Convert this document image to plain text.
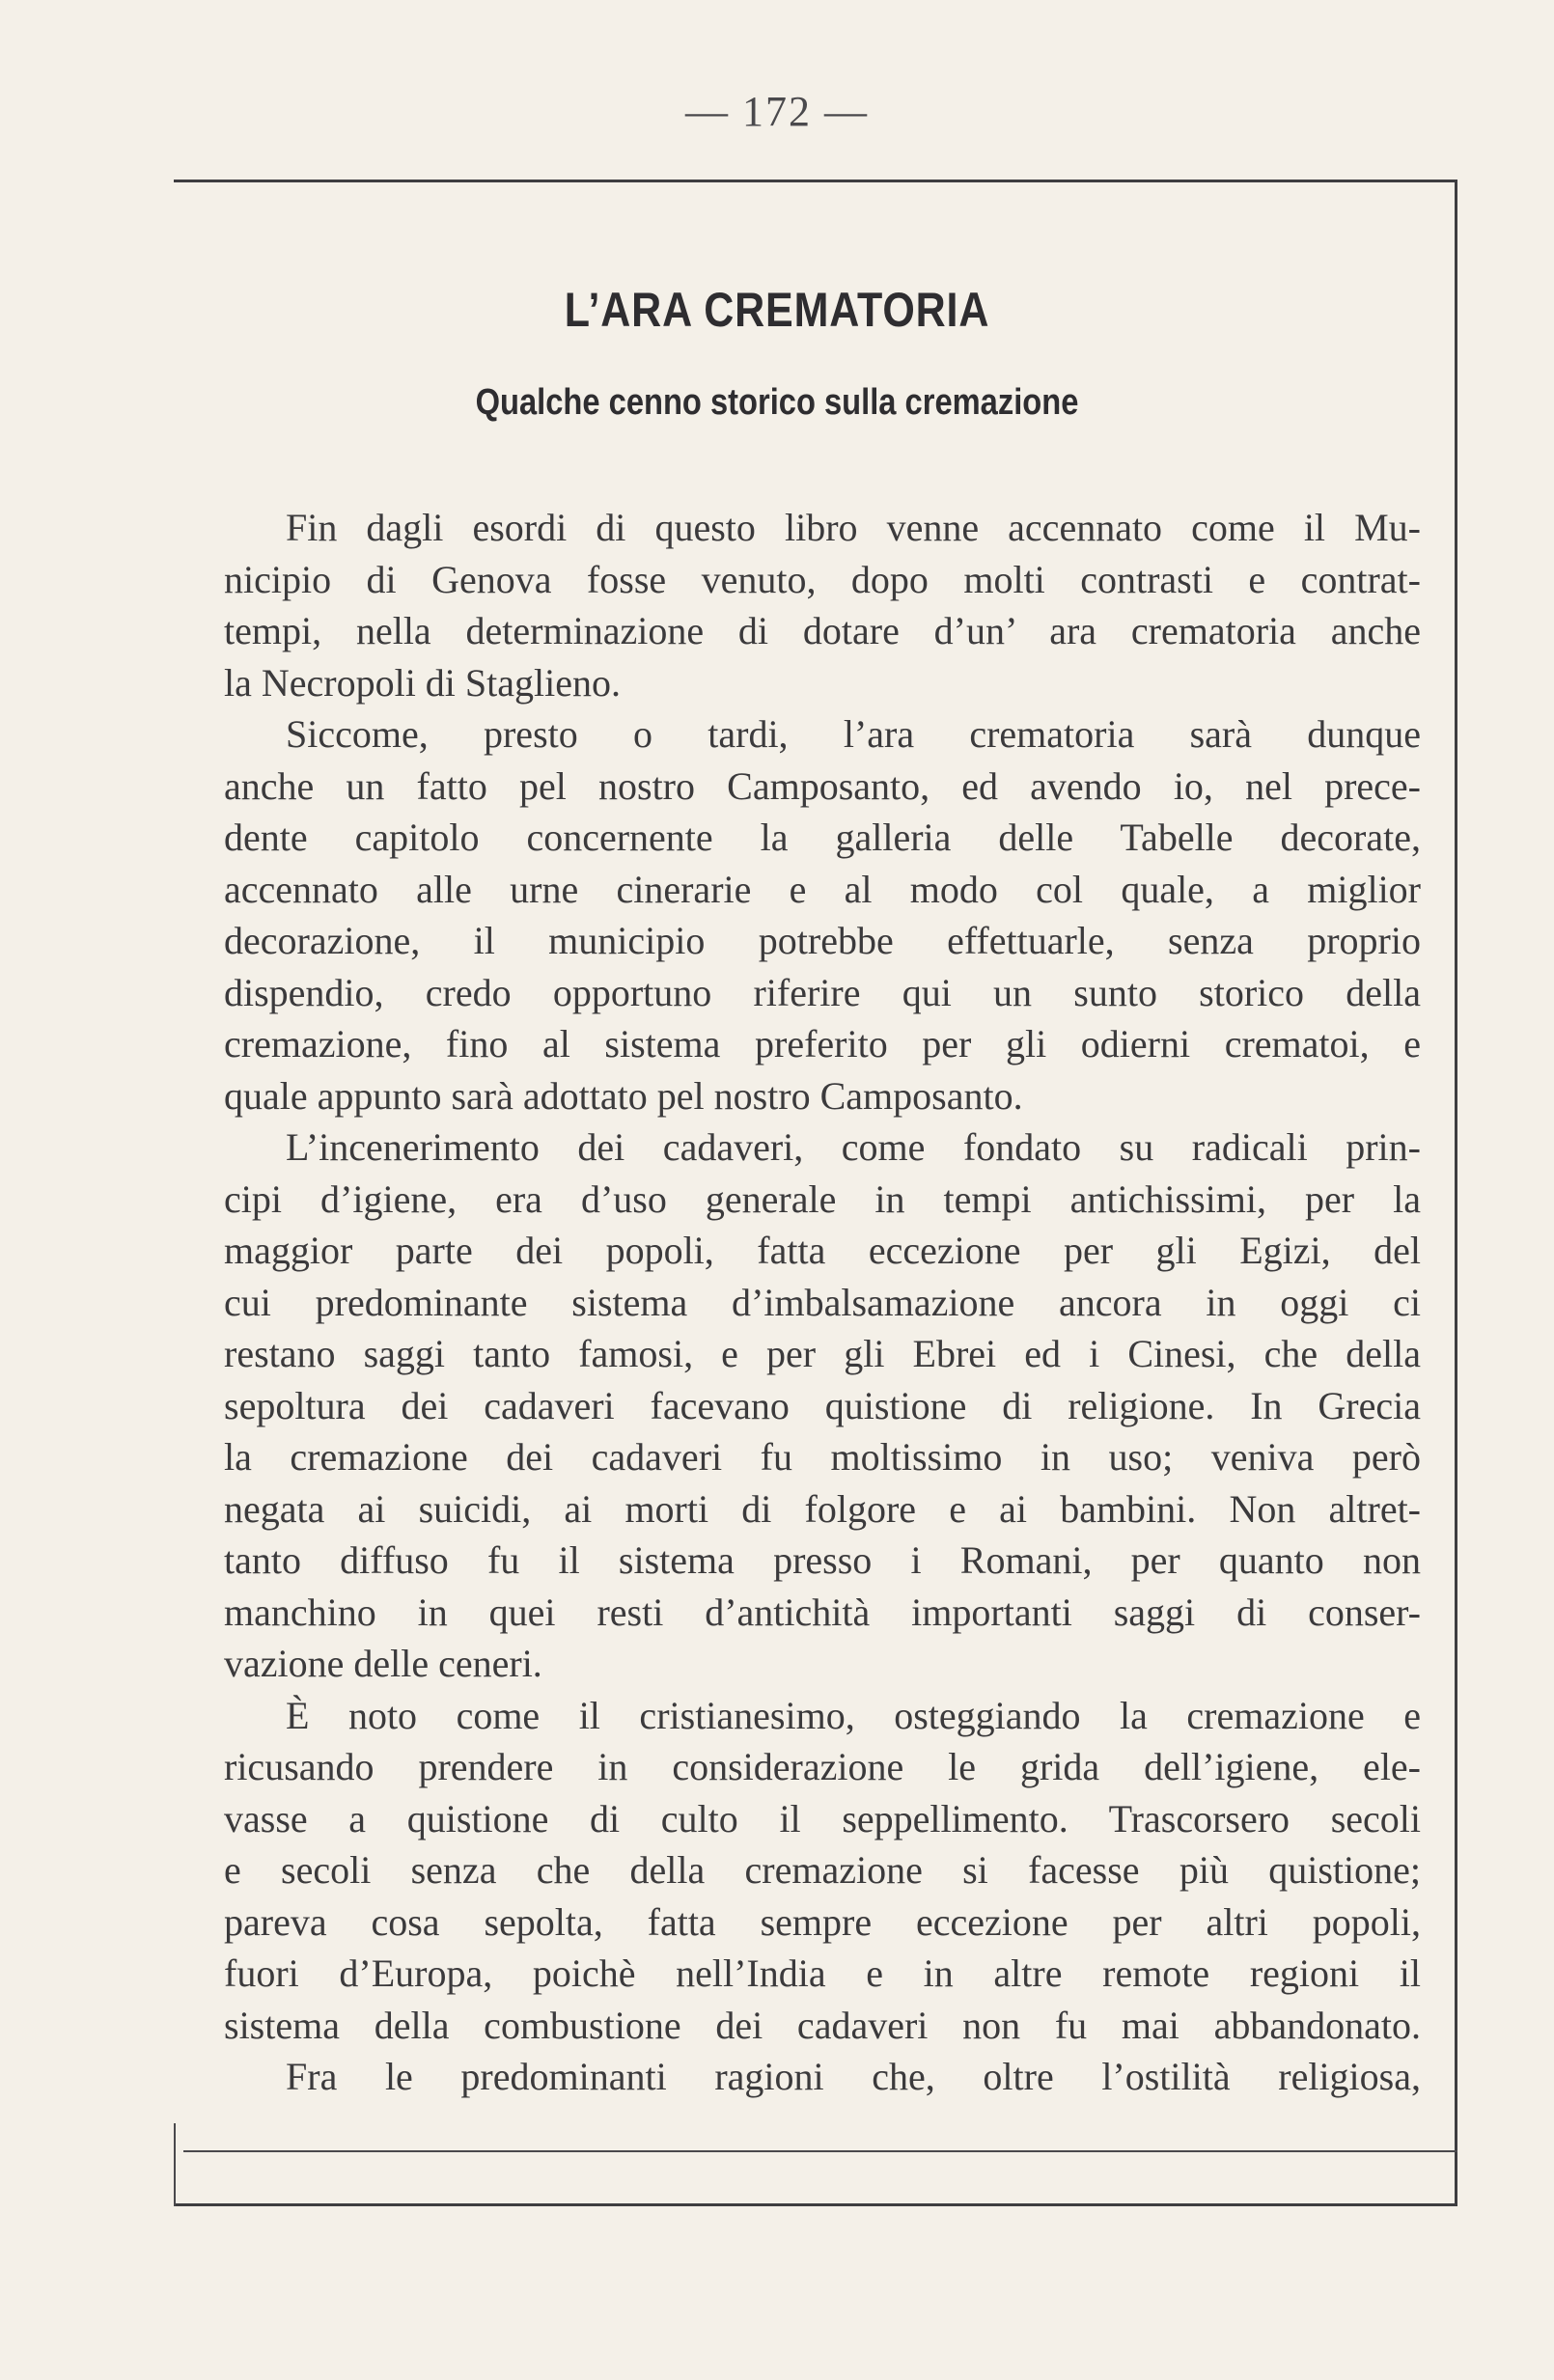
— 172 —
L’ARA CREMATORIA
Qualche cenno storico sulla cremazione
Fin dagli esordi di questo libro venne accennato come il Mu-
nicipio di Genova fosse venuto, dopo molti contrasti e contrat-
tempi, nella determinazione di dotare d’un’ ara crematoria anche
la Necropoli di Staglieno.
Siccome, presto o tardi, l’ara crematoria sarà dunque
anche un fatto pel nostro Camposanto, ed avendo io, nel prece-
dente capitolo concernente la galleria delle Tabelle decorate,
accennato alle urne cinerarie e al modo col quale, a miglior
decorazione, il municipio potrebbe effettuarle, senza proprio
dispendio, credo opportuno riferire qui un sunto storico della
cremazione, fino al sistema preferito per gli odierni crematoi, e
quale appunto sarà adottato pel nostro Camposanto.
L’incenerimento dei cadaveri, come fondato su radicali prin-
cipi d’igiene, era d’uso generale in tempi antichissimi, per la
maggior parte dei popoli, fatta eccezione per gli Egizi, del
cui predominante sistema d’imbalsamazione ancora in oggi ci
restano saggi tanto famosi, e per gli Ebrei ed i Cinesi, che della
sepoltura dei cadaveri facevano quistione di religione. In Grecia
la cremazione dei cadaveri fu moltissimo in uso; veniva però
negata ai suicidi, ai morti di folgore e ai bambini. Non altret-
tanto diffuso fu il sistema presso i Romani, per quanto non
manchino in quei resti d’antichità importanti saggi di conser-
vazione delle ceneri.
È noto come il cristianesimo, osteggiando la cremazione e
ricusando prendere in considerazione le grida dell’igiene, ele-
vasse a quistione di culto il seppellimento. Trascorsero secoli
e secoli senza che della cremazione si facesse più quistione;
pareva cosa sepolta, fatta sempre eccezione per altri popoli,
fuori d’Europa, poichè nell’India e in altre remote regioni il
sistema della combustione dei cadaveri non fu mai abbandonato.
Fra le predominanti ragioni che, oltre l’ostilità religiosa,
